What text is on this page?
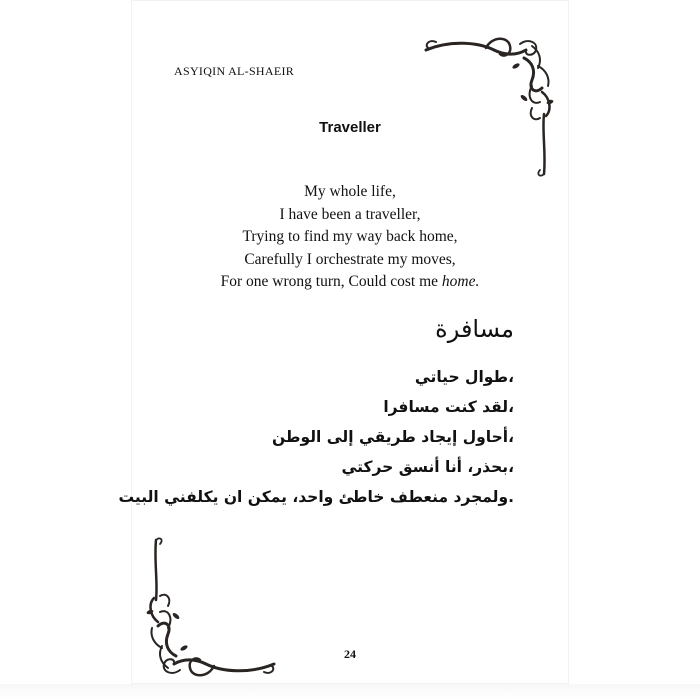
ASYIQIN AL-SHAEIR
Traveller
My whole life,
I have been a traveller,
Trying to find my way back home,
Carefully I orchestrate my moves,
For one wrong turn, Could cost me home.
مسافرة
،طوال حياتي
،لقد كنت مسافرا
،أحاول إيجاد طريقي إلى الوطن
،بحذر، أنا أنسق حركتي
.ولمجرد منعطف خاطئ واحد، يمكن ان يكلفني البيت
24
